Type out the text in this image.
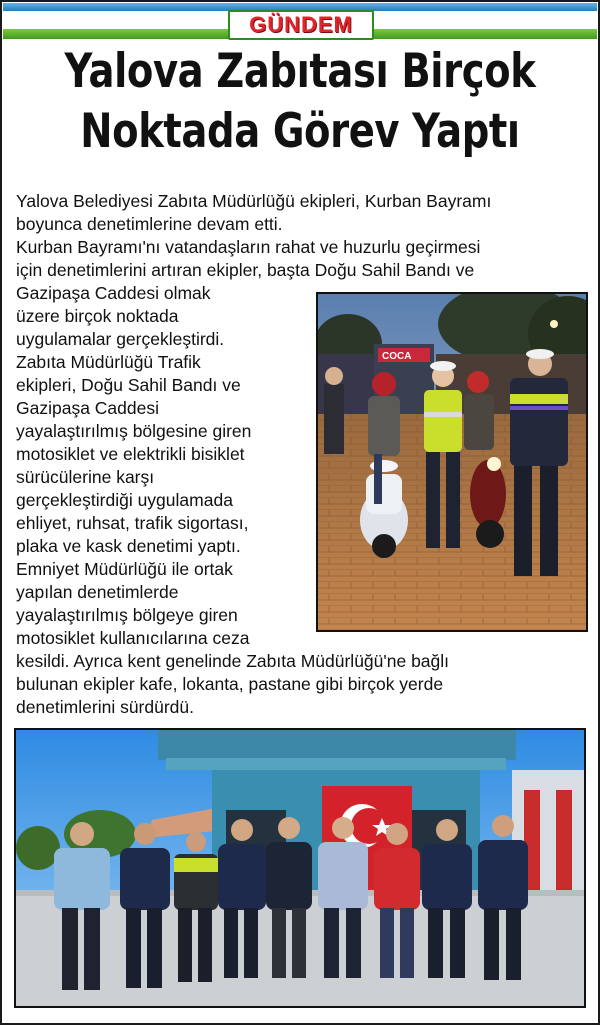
GÜNDEM
Yalova Zabıtası Birçok
Noktada Görev Yaptı
Yalova Belediyesi Zabıta Müdürlüğü ekipleri, Kurban Bayramı
boyunca denetimlerine devam etti.
Kurban Bayramı'nı vatandaşların rahat ve huzurlu geçirmesi
için denetimlerini artıran ekipler, başta Doğu Sahil Bandı ve
Gazipaşa Caddesi olmak
üzere birçok noktada
uygulamalar gerçekleştirdi.
Zabıta Müdürlüğü Trafik
ekipleri, Doğu Sahil Bandı ve
Gazipaşa Caddesi
yayalaştırılmış bölgesine giren
motosiklet ve elektrikli bisiklet
sürücülerine karşı
gerçekleştirdiği uygulamada
ehliyet, ruhsat, trafik sigortası,
plaka ve kask denetimi yaptı.
Emniyet Müdürlüğü ile ortak
yapılan denetimlerde
yayalaştırılmış bölgeye giren
motosiklet kullanıcılarına ceza
kesildi. Ayrıca kent genelinde Zabıta Müdürlüğü'ne bağlı
bulunan ekipler kafe, lokanta, pastane gibi birçok yerde
denetimlerini sürdürdü.
COCA
